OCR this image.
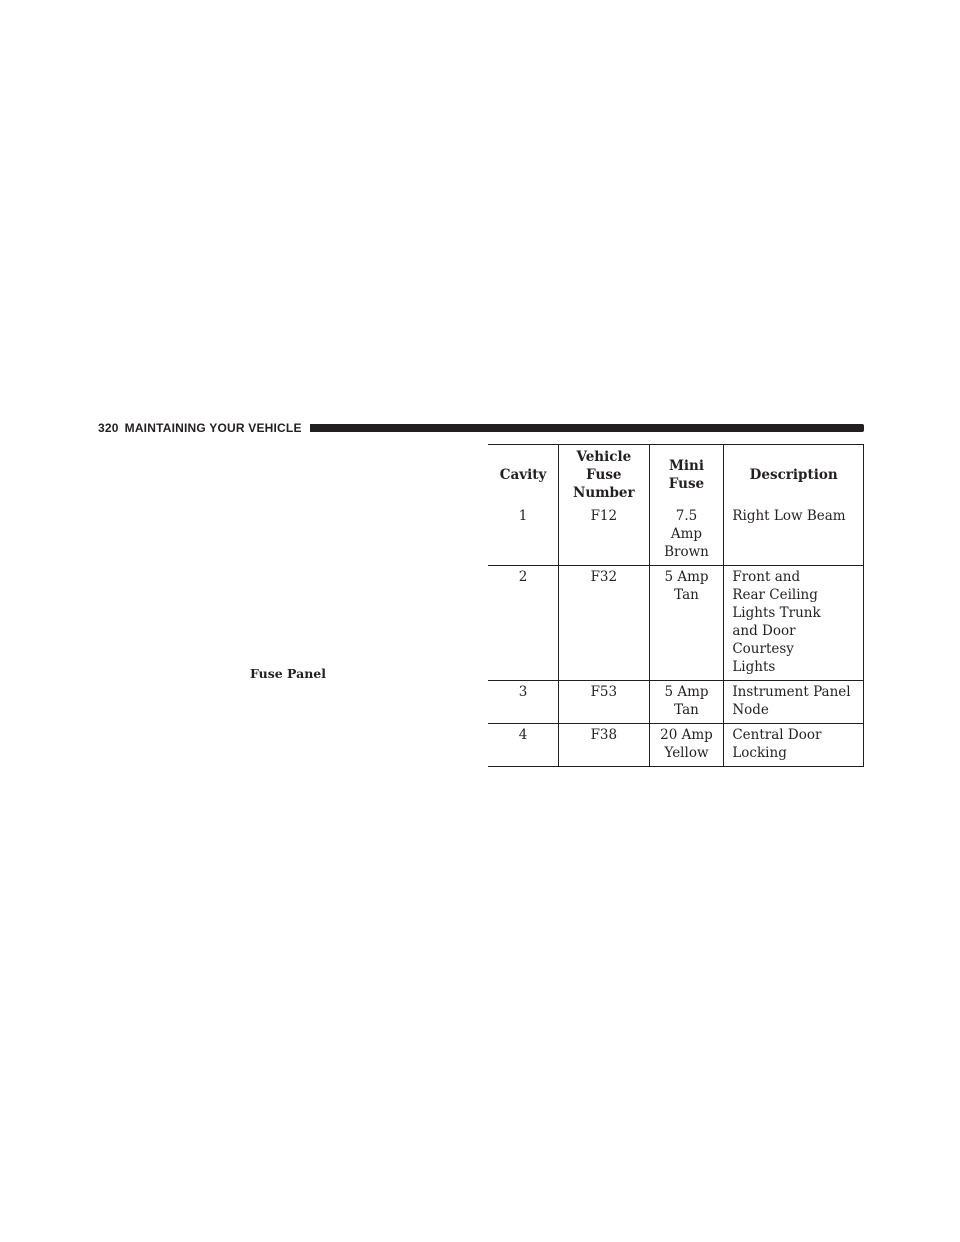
320 MAINTAINING YOUR VEHICLE
Fuse Panel
Cavity	Vehicle Fuse Number	Mini Fuse	Description
1	F12	7.5 Amp Brown	Right Low Beam
2	F32	5 Amp Tan	Front and Rear Ceiling Lights Trunk and Door Courtesy Lights
3	F53	5 Amp Tan	Instrument Panel Node
4	F38	20 Amp Yellow	Central Door Locking
